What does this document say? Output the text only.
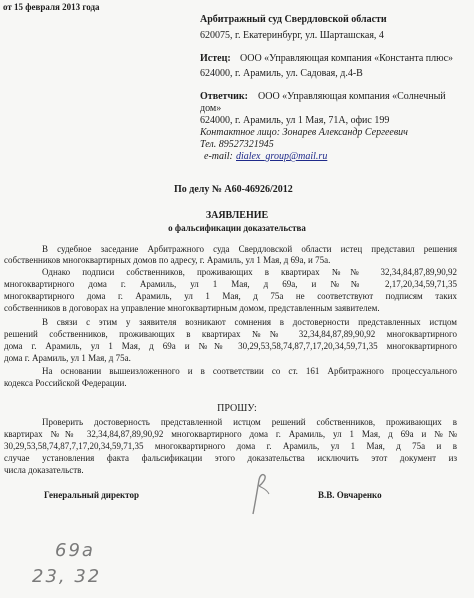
от 15 февраля 2013 года
Арбитражный суд Свердловской области
620075, г. Екатеринбург, ул. Шарташская, 4
Истец: ООО «Управляющая компания «Константа плюс»
624000, г. Арамиль, ул. Садовая, д.4-В
Ответчик: ООО «Управляющая компания «Солнечный
дом»
624000, г. Арамиль, ул 1 Мая, 71А, офис 199
Контактное лицо: Зонарев Александр Сергеевич
Тел. 89527321945
e-mail: dialex_group@mail.ru
По делу № А60-46926/2012
ЗАЯВЛЕНИЕ
о фальсификации доказательства
В судебное заседание Арбитражного суда Свердловской области истец представил решения
собственников многоквартирных домов по адресу, г. Арамиль, ул 1 Мая, д 69а, и 75а.
Однако подписи собственников, проживающих в квартирах №№ 32,34,84,87,89,90,92
многоквартирного дома г. Арамиль, ул 1 Мая, д 69а, и №№ 2,17,20,34,59,71,35
многоквартирного дома г. Арамиль, ул 1 Мая, д 75а не соответствуют подписям таких
собственников в договорах на управление многоквартирным домом, представленным заявителем.
В связи с этим у заявителя возникают сомнения в достоверности представленных истцом
решений собственников, проживающих в квартирах №№ 32,34,84,87,89,90,92 многоквартирного
дома г. Арамиль, ул 1 Мая, д 69а и №№ 30,29,53,58,74,87,7,17,20,34,59,71,35 многоквартирного
дома г. Арамиль, ул 1 Мая, д 75а.
На основании вышеизложенного и в соответствии со ст. 161 Арбитражного процессуального
кодекса Российской Федерации.
ПРОШУ:
Проверить достоверность представленной истцом решений собственников, проживающих в
квартирах №№ 32,34,84,87,89,90,92 многоквартирного дома г. Арамиль, ул 1 Мая, д 69а и №№
30,29,53,58,74,87,7,17,20,34,59,71,35 многоквартирного дома г. Арамиль, ул 1 Мая, д 75а и в
случае установления факта фальсификации этого доказательства исключить этот документ из
числа доказательств.
Генеральный директор	В.В. Овчаренко
69а
23, 32
